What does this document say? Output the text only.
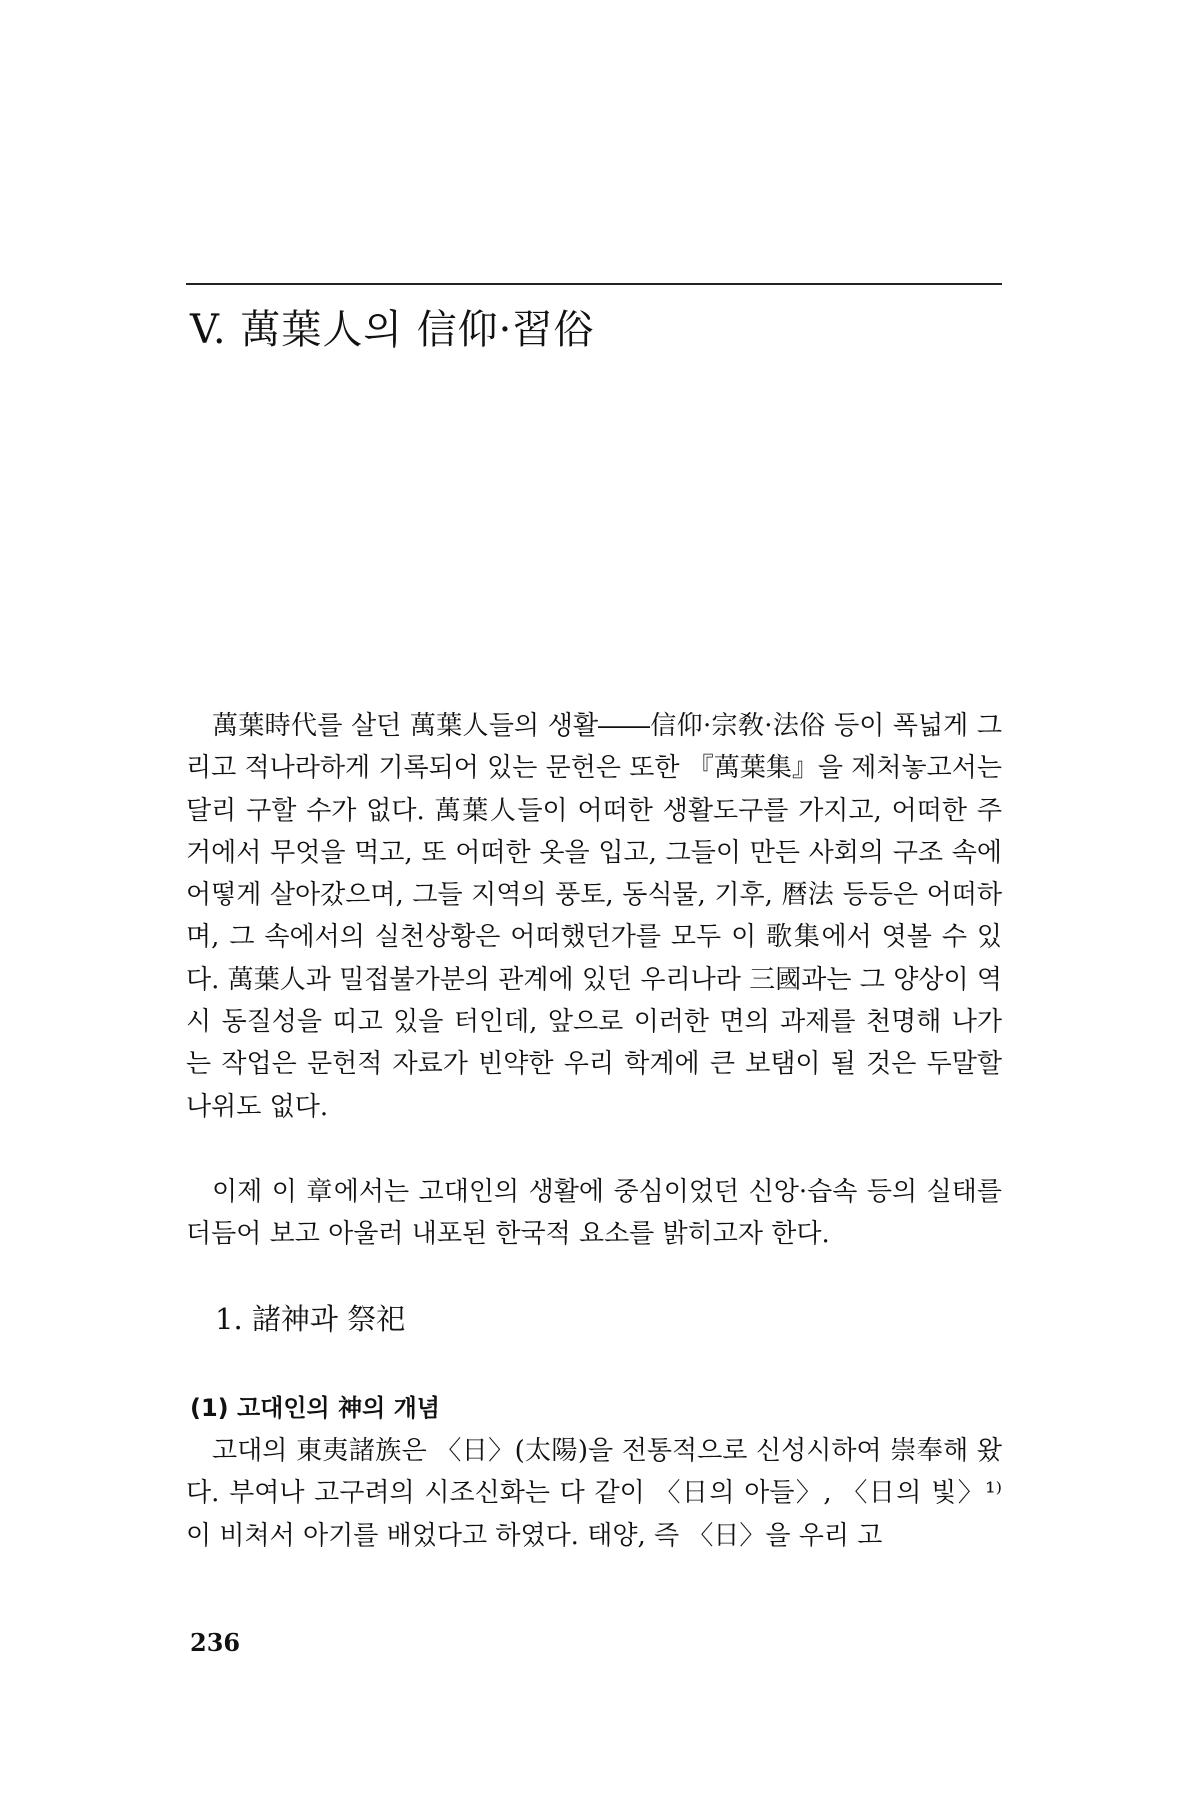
V. 萬葉人의 信仰·習俗

萬葉時代를 살던 萬葉人들의 생활――信仰·宗敎·法俗 등이 폭넓게 그리고 적나라하게 기록되어 있는 문헌은 또한 『萬葉集』을 제처놓고서는 달리 구할 수가 없다. 萬葉人들이 어떠한 생활도구를 가지고, 어떠한 주거에서 무엇을 먹고, 또 어떠한 옷을 입고, 그들이 만든 사회의 구조 속에 어떻게 살아갔으며, 그들 지역의 풍토, 동식물, 기후, 暦法 등등은 어떠하며, 그 속에서의 실천상황은 어떠했던가를 모두 이 歌集에서 엿볼 수 있다. 萬葉人과 밀접불가분의 관계에 있던 우리나라 三國과는 그 양상이 역시 동질성을 띠고 있을 터인데, 앞으로 이러한 면의 과제를 천명해 나가는 작업은 문헌적 자료가 빈약한 우리 학계에 큰 보탬이 될 것은 두말할 나위도 없다.

이제 이 章에서는 고대인의 생활에 중심이었던 신앙·습속 등의 실태를 더듬어 보고 아울러 내포된 한국적 요소를 밝히고자 한다.

1. 諸神과 祭祀
(1) 고대인의 神의 개념

고대의 東夷諸族은 〈日〉(太陽)을 전통적으로 신성시하여 崇奉해 왔다. 부여나 고구려의 시조신화는 다 같이 〈日의 아들〉, 〈日의 빛〉¹⁾이 비쳐서 아기를 배었다고 하였다. 태양, 즉 〈日〉을 우리 고

236
